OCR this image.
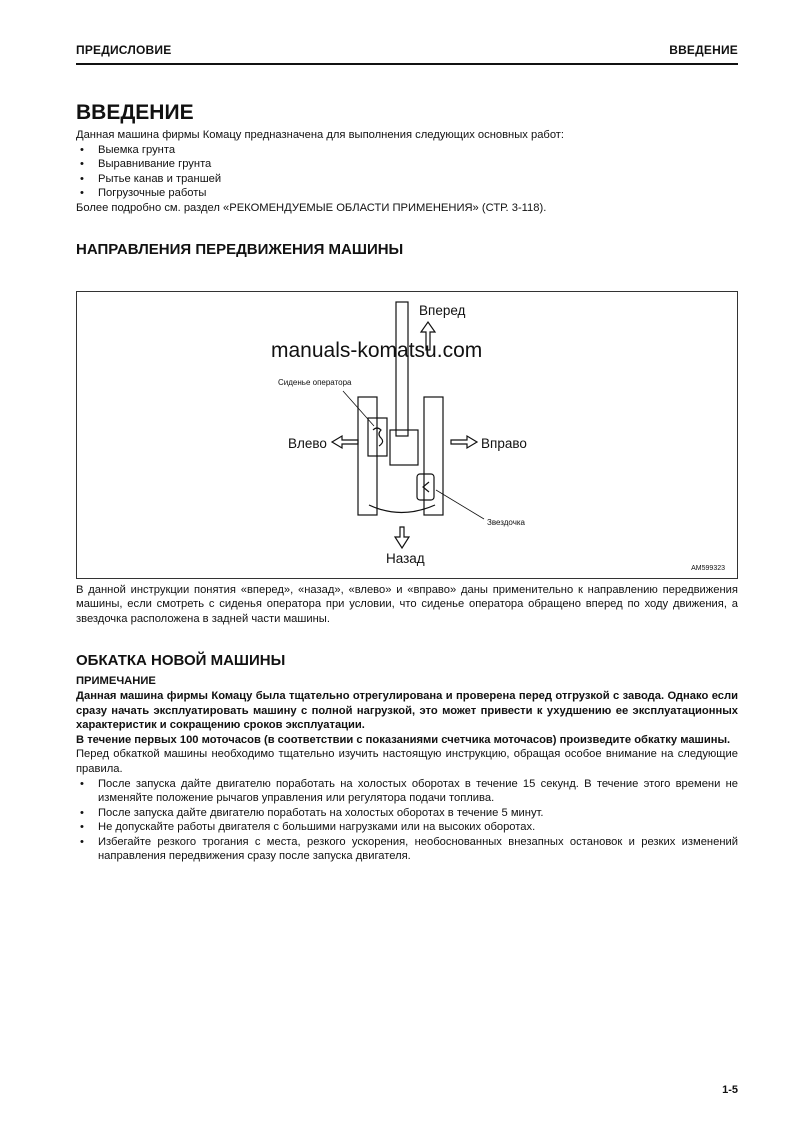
ПРЕДИСЛОВИЕ	ВВЕДЕНИЕ
ВВЕДЕНИЕ

Данная машина фирмы Комацу предназначена для выполнения следующих основных работ:

• Выемка грунта
• Выравнивание грунта
• Рытье канав и траншей
• Погрузочные работы

Более подробно см. раздел «РЕКОМЕНДУЕМЫЕ ОБЛАСТИ ПРИМЕНЕНИЯ» (СТР. 3-118).

НАПРАВЛЕНИЯ ПЕРЕДВИЖЕНИЯ МАШИНЫ
manuals-komatsu.com
Вперед
Влево	Вправо
Назад
Сиденье оператора
Звездочка
AM599323

В данной инструкции понятия «вперед», «назад», «влево» и «вправо» даны применительно к направлению передвижения машины, если смотреть с сиденья оператора при условии, что сиденье оператора обращено вперед по ходу движения, а звездочка расположена в задней части машины.

ОБКАТКА НОВОЙ МАШИНЫ

ПРИМЕЧАНИЕ

Данная машина фирмы Комацу была тщательно отрегулирована и проверена перед отгрузкой с завода. Однако если сразу начать эксплуатировать машину с полной нагрузкой, это может привести к ухудшению ее эксплуатационных характеристик и сокращению сроков эксплуатации.

В течение первых 100 моточасов (в соответствии с показаниями счетчика моточасов) произведите обкатку машины.

Перед обкаткой машины необходимо тщательно изучить настоящую инструкцию, обращая особое внимание на следующие правила.

• После запуска дайте двигателю поработать на холостых оборотах в течение 15 секунд. В течение этого времени не изменяйте положение рычагов управления или регулятора подачи топлива.
• После запуска дайте двигателю поработать на холостых оборотах в течение 5 минут.
• Не допускайте работы двигателя с большими нагрузками или на высоких оборотах.
• Избегайте резкого трогания с места, резкого ускорения, необоснованных внезапных остановок и резких изменений направления передвижения сразу после запуска двигателя.
1-5
